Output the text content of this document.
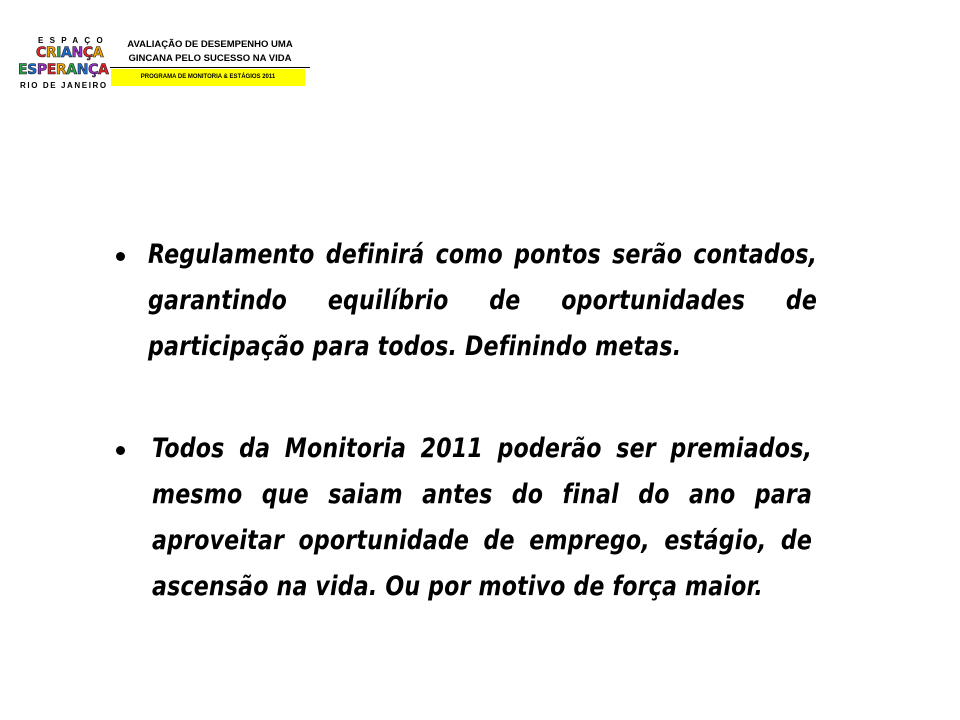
ESPAÇO
CRIANÇA
ESPERANÇA
RIO DE JANEIRO
AVALIAÇÃO DE DESEMPENHO UMA
GINCANA PELO SUCESSO NA VIDA
PROGRAMA DE MONITORIA & ESTÁGIOS 2011
Regulamento definirá como pontos serão contados, garantindo equilíbrio de oportunidades de participação para todos. Definindo metas.
Todos da Monitoria 2011 poderão ser premiados, mesmo que saiam antes do final do ano para aproveitar oportunidade de emprego, estágio, de ascensão na vida. Ou por motivo de força maior.
